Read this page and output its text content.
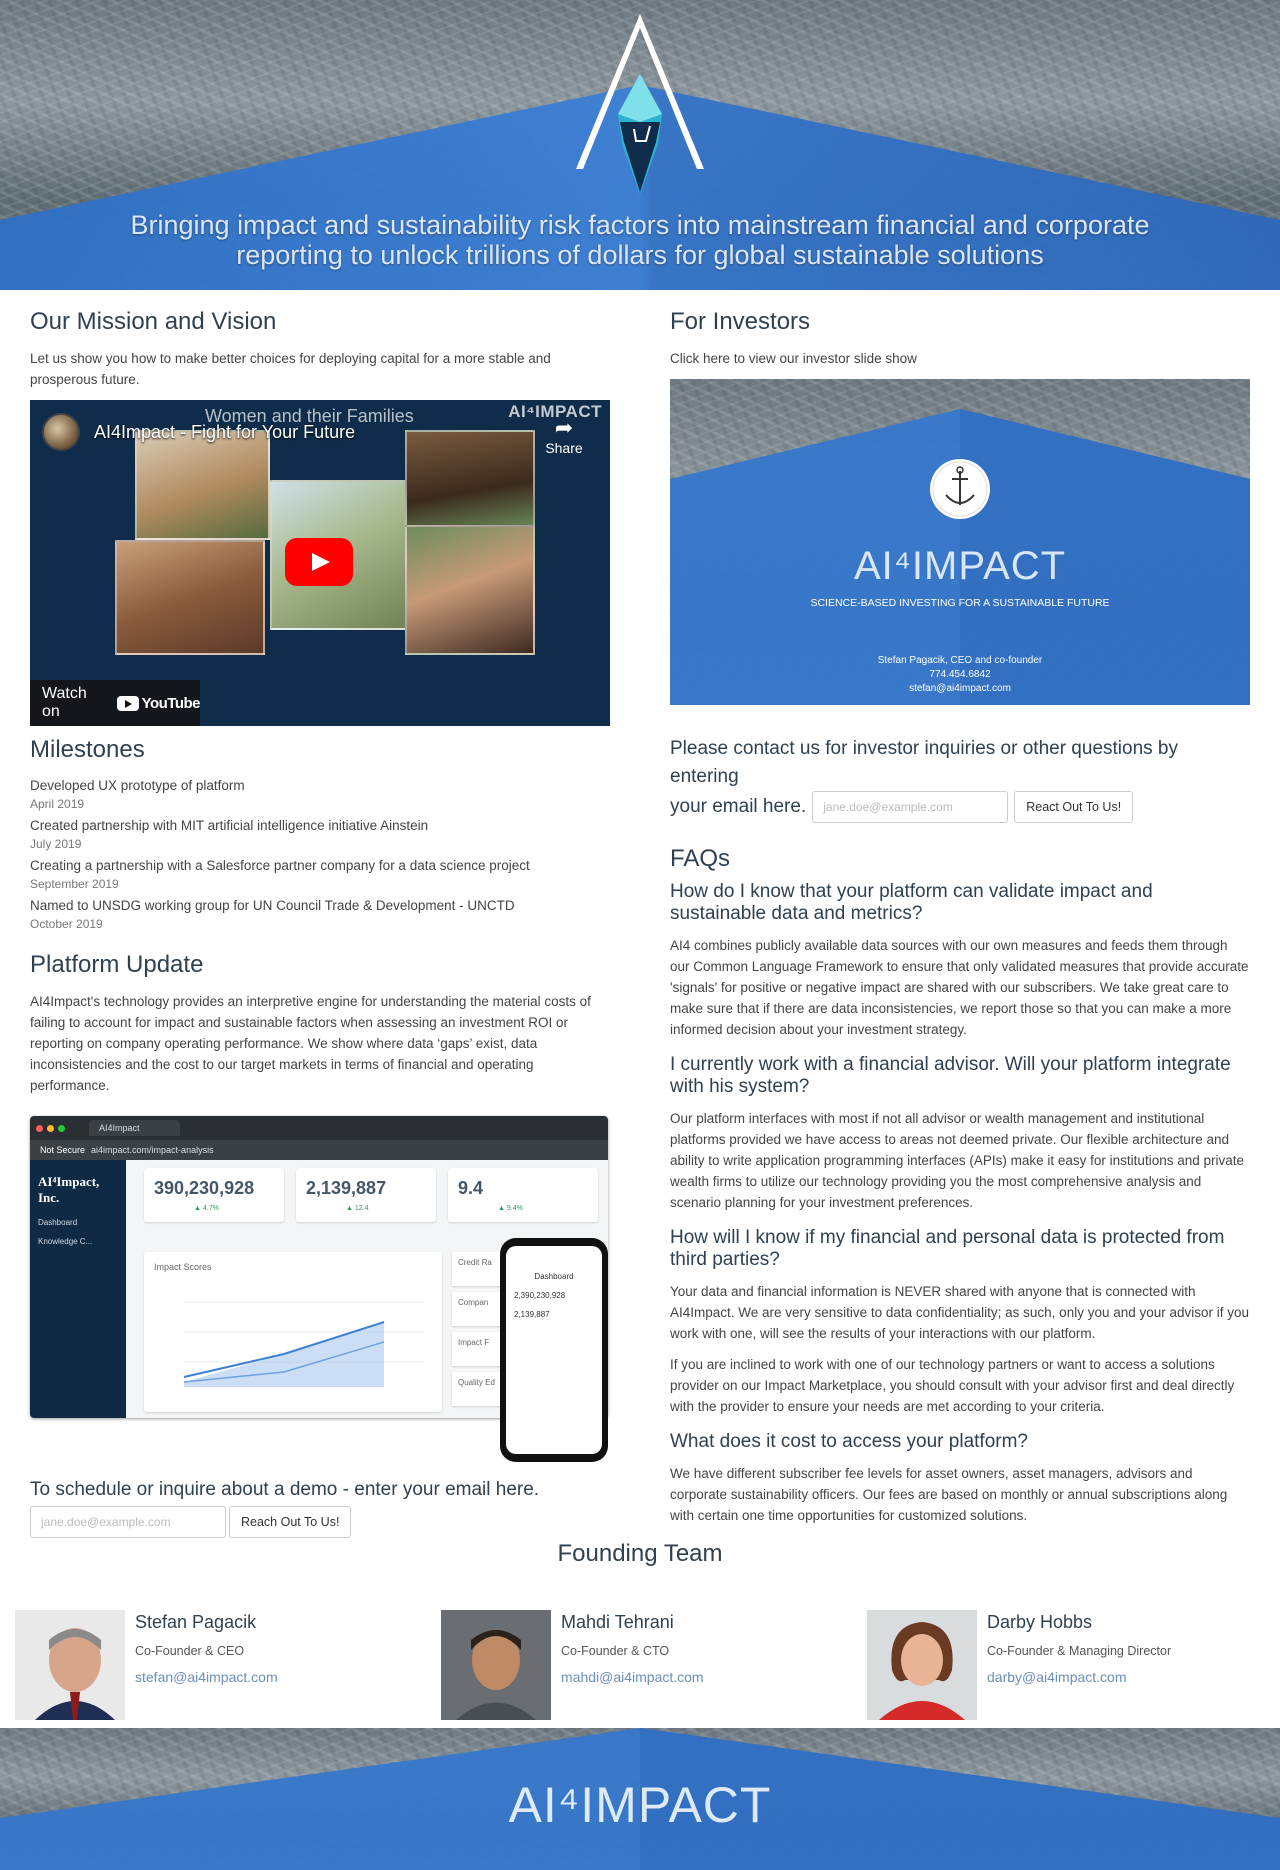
Bringing impact and sustainability risk factors into mainstream financial and corporate
reporting to unlock trillions of dollars for global sustainable solutions
Our Mission and Vision

Let us show you how to make better choices for deploying capital for a more stable and prosperous future.

Women and their Families	AI⁴IMPACT
AI4Impact - Fight for Your Future	➦
Share
Watch on	YouTube
Milestones
Developed UX prototype of platform
April 2019
Created partnership with MIT artificial intelligence initiative Ainstein
July 2019
Creating a partnership with a Salesforce partner company for a data science project
September 2019
Named to UNSDG working group for UN Council Trade & Development - UNCTD
October 2019
Platform Update

AI4Impact's technology provides an interpretive engine for understanding the material costs of failing to account for impact and sustainable factors when assessing an investment ROI or reporting on company operating performance. We show where data ‘gaps’ exist, data inconsistencies and the cost to our target markets in terms of financial and operating performance.

AI4Impact
Not Secure ai4impact.com/impact-analysis
AI⁴Impact, Inc.
Dashboard
Knowledge C...
390,230,928
▲ 4.7%
2,139,887
▲ 12.4
9.4
▲ 9.4%
Impact Scores	Credit Ra
Compan
Impact F
Quality Ed
Dashboard
2,390,230,928
2,139,887
To schedule or inquire about a demo - enter your email here.
jane.doe@example.com
Reach Out To Us!
For Investors

Click here to view our investor slide show

AI⁴IMPACT
SCIENCE-BASED INVESTING FOR A SUSTAINABLE FUTURE
Stefan Pagacik, CEO and co-founder
774.454.6842
stefan@ai4impact.com
Please contact us for investor inquiries or other questions by entering
your email here.
jane.doe@example.com	React Out To Us!
FAQs
How do I know that your platform can validate impact and sustainable data and metrics?

AI4 combines publicly available data sources with our own measures and feeds them through our Common Language Framework to ensure that only validated measures that provide accurate 'signals' for positive or negative impact are shared with our subscribers. We take great care to make sure that if there are data inconsistencies, we report those so that you can make a more informed decision about your investment strategy.

I currently work with a financial advisor. Will your platform integrate with his system?

Our platform interfaces with most if not all advisor or wealth management and institutional platforms provided we have access to areas not deemed private. Our flexible architecture and ability to write application programming interfaces (APIs) make it easy for institutions and private wealth firms to utilize our technology providing you the most comprehensive analysis and scenario planning for your investment preferences.

How will I know if my financial and personal data is protected from third parties?

Your data and financial information is NEVER shared with anyone that is connected with AI4Impact. We are very sensitive to data confidentiality; as such, only you and your advisor if you work with one, will see the results of your interactions with our platform.

If you are inclined to work with one of our technology partners or want to access a solutions provider on our Impact Marketplace, you should consult with your advisor first and deal directly with the provider to ensure your needs are met according to your criteria.

What does it cost to access your platform?

We have different subscriber fee levels for asset owners, asset managers, advisors and corporate sustainability officers. Our fees are based on monthly or annual subscriptions along with certain one time opportunities for customized solutions.

Founding Team
Stefan Pagacik
Co-Founder & CEO
stefan@ai4impact.com
Mahdi Tehrani
Co-Founder & CTO
mahdi@ai4impact.com
Darby Hobbs
Co-Founder & Managing Director
darby@ai4impact.com
AI⁴IMPACT
